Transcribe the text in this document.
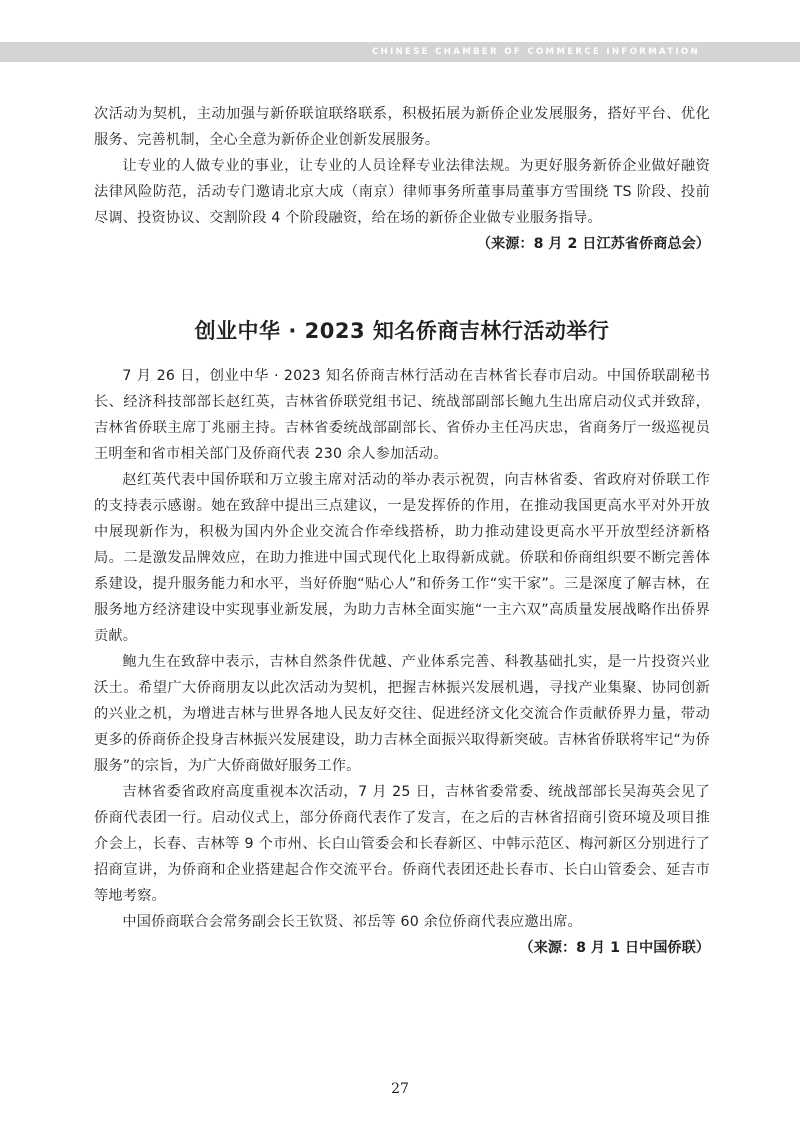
CHINESE CHAMBER OF COMMERCE INFORMATION

次活动为契机，主动加强与新侨联谊联络联系，积极拓展为新侨企业发展服务，搭好平台、优化服务、完善机制，全心全意为新侨企业创新发展服务。

让专业的人做专业的事业，让专业的人员诠释专业法律法规。为更好服务新侨企业做好融资法律风险防范，活动专门邀请北京大成（南京）律师事务所董事局董事方雪围绕 TS 阶段、投前尽调、投资协议、交割阶段 4 个阶段融资，给在场的新侨企业做专业服务指导。

（来源：8 月 2 日江苏省侨商总会）

创业中华 · 2023 知名侨商吉林行活动举行

7 月 26 日，创业中华 · 2023 知名侨商吉林行活动在吉林省长春市启动。中国侨联副秘书长、经济科技部部长赵红英，吉林省侨联党组书记、统战部副部长鲍九生出席启动仪式并致辞，吉林省侨联主席丁兆丽主持。吉林省委统战部副部长、省侨办主任冯庆忠，省商务厅一级巡视员王明奎和省市相关部门及侨商代表 230 余人参加活动。

赵红英代表中国侨联和万立骏主席对活动的举办表示祝贺，向吉林省委、省政府对侨联工作的支持表示感谢。她在致辞中提出三点建议，一是发挥侨的作用，在推动我国更高水平对外开放中展现新作为，积极为国内外企业交流合作牵线搭桥，助力推动建设更高水平开放型经济新格局。二是激发品牌效应，在助力推进中国式现代化上取得新成就。侨联和侨商组织要不断完善体系建设，提升服务能力和水平，当好侨胞“贴心人”和侨务工作“实干家”。三是深度了解吉林，在服务地方经济建设中实现事业新发展，为助力吉林全面实施“一主六双”高质量发展战略作出侨界贡献。

鲍九生在致辞中表示，吉林自然条件优越、产业体系完善、科教基础扎实，是一片投资兴业沃土。希望广大侨商朋友以此次活动为契机，把握吉林振兴发展机遇，寻找产业集聚、协同创新的兴业之机，为增进吉林与世界各地人民友好交往、促进经济文化交流合作贡献侨界力量，带动更多的侨商侨企投身吉林振兴发展建设，助力吉林全面振兴取得新突破。吉林省侨联将牢记“为侨服务”的宗旨，为广大侨商做好服务工作。

吉林省委省政府高度重视本次活动，7 月 25 日，吉林省委常委、统战部部长吴海英会见了侨商代表团一行。启动仪式上，部分侨商代表作了发言，在之后的吉林省招商引资环境及项目推介会上，长春、吉林等 9 个市州、长白山管委会和长春新区、中韩示范区、梅河新区分别进行了招商宣讲，为侨商和企业搭建起合作交流平台。侨商代表团还赴长春市、长白山管委会、延吉市等地考察。

中国侨商联合会常务副会长王钦贤、祁岳等 60 余位侨商代表应邀出席。

（来源：8 月 1 日中国侨联）

27
